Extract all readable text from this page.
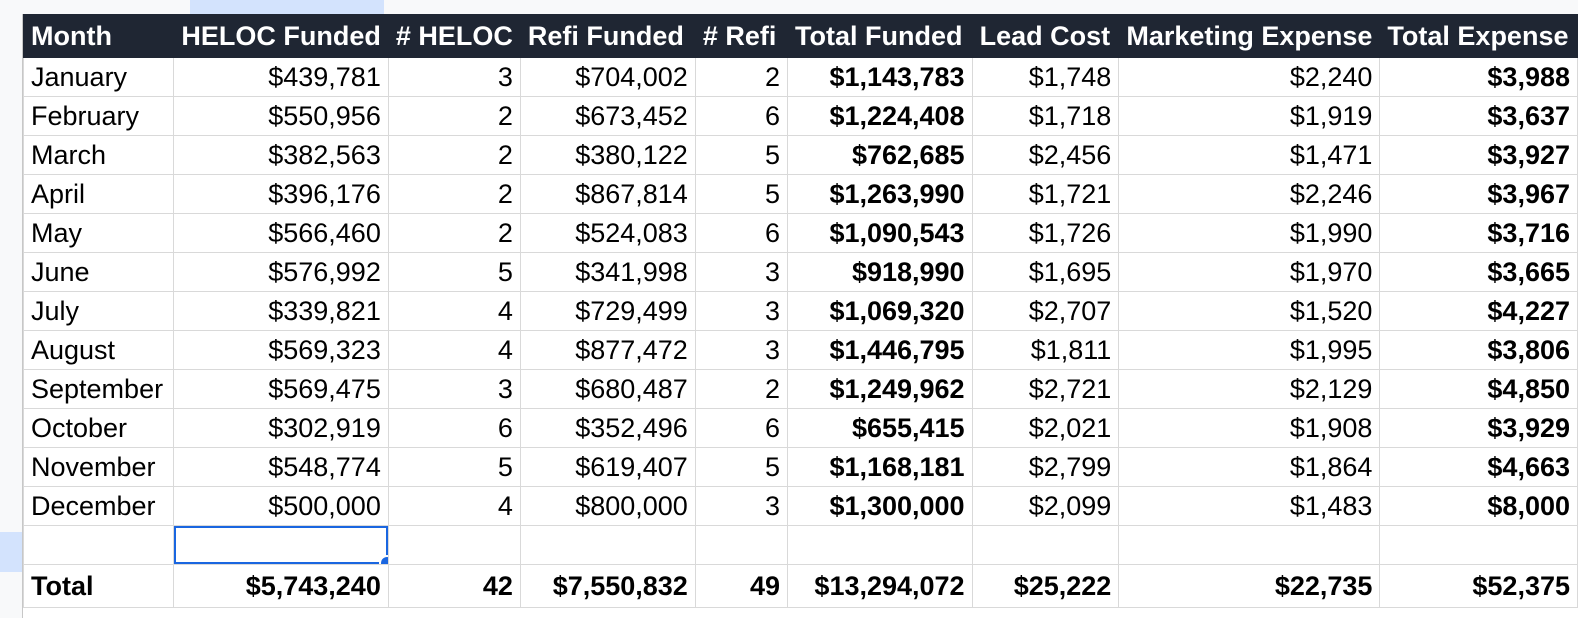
Month	HELOC Funded	# HELOC	Refi Funded	# Refi	Total Funded	Lead Cost	Marketing Expense	Total Expense
January	$439,781	3	$704,002	2	$1,143,783	$1,748	$2,240	$3,988
February	$550,956	2	$673,452	6	$1,224,408	$1,718	$1,919	$3,637
March	$382,563	2	$380,122	5	$762,685	$2,456	$1,471	$3,927
April	$396,176	2	$867,814	5	$1,263,990	$1,721	$2,246	$3,967
May	$566,460	2	$524,083	6	$1,090,543	$1,726	$1,990	$3,716
June	$576,992	5	$341,998	3	$918,990	$1,695	$1,970	$3,665
July	$339,821	4	$729,499	3	$1,069,320	$2,707	$1,520	$4,227
August	$569,323	4	$877,472	3	$1,446,795	$1,811	$1,995	$3,806
September	$569,475	3	$680,487	2	$1,249,962	$2,721	$2,129	$4,850
October	$302,919	6	$352,496	6	$655,415	$2,021	$1,908	$3,929
November	$548,774	5	$619,407	5	$1,168,181	$2,799	$1,864	$4,663
December	$500,000	4	$800,000	3	$1,300,000	$2,099	$1,483	$8,000

Total	$5,743,240	42	$7,550,832	49	$13,294,072	$25,222	$22,735	$52,375
